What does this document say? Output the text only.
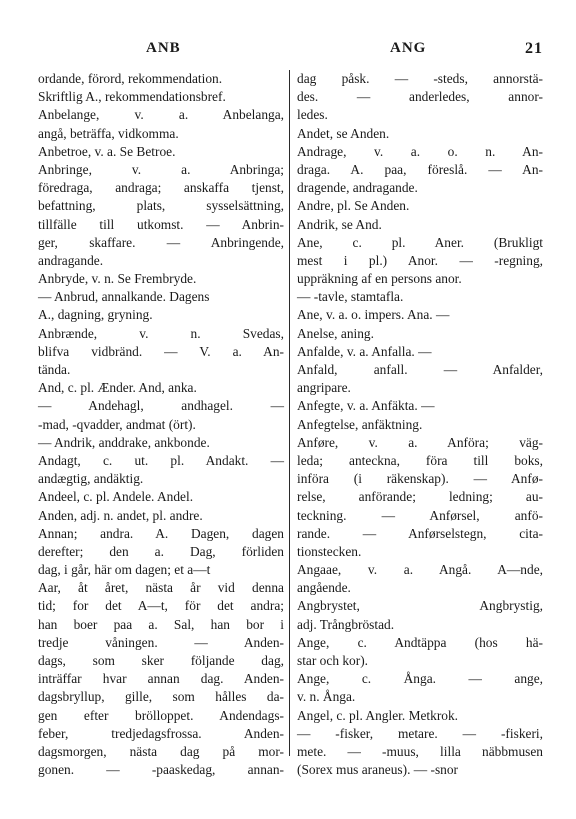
ANB	ANG	21
ordande, förord, rekommendation.
Skriftlig A., rekommendationsbref.
Anbelange, v. a. Anbelanga,
angå, beträffa, vidkomma.
Anbetroe, v. a. Se Betroe.
Anbringe, v. a. Anbringa;
föredraga, andraga; anskaffa tjenst,
befattning, plats, sysselsättning,
tillfälle till utkomst. — Anbrin-
ger, skaffare. — Anbringende,
andragande.
Anbryde, v. n. Se Frembryde.
— Anbrud, annalkande. Dagens
A., dagning, gryning.
Anbrænde, v. n. Svedas,
blifva vidbränd. — V. a. An-
tända.
And, c. pl. Ænder. And, anka.
— Andehagl, andhagel. —
-mad, -qvadder, andmat (ört).
— Andrik, anddrake, ankbonde.
Andagt, c. ut. pl. Andakt. —
andægtig, andäktig.
Andeel, c. pl. Andele. Andel.
Anden, adj. n. andet, pl. andre.
Annan; andra. A. Dagen, dagen
derefter; den a. Dag, förliden
dag, i går, här om dagen; et a—t
Aar, åt året, nästa år vid denna
tid; for det A—t, för det andra;
han boer paa a. Sal, han bor i
tredje våningen. — Anden-
dags, som sker följande dag,
inträffar hvar annan dag. Anden-
dagsbryllup, gille, som hålles da-
gen efter brölloppet. Andendags-
feber, tredjedagsfrossa. Anden-
dagsmorgen, nästa dag på mor-
gonen. — -paaskedag, annan-
dag påsk. — -steds, annorstä-
des. — anderledes, annor-
ledes.
Andet, se Anden.
Andrage, v. a. o. n. An-
draga. A. paa, föreslå. — An-
dragende, andragande.
Andre, pl. Se Anden.
Andrik, se And.
Ane, c. pl. Aner. (Brukligt
mest i pl.) Anor. — -regning,
uppräkning af en persons anor.
— -tavle, stamtafla.
Ane, v. a. o. impers. Ana. —
Anelse, aning.
Anfalde, v. a. Anfalla. —
Anfald, anfall. — Anfalder,
angripare.
Anfegte, v. a. Anfäkta. —
Anfegtelse, anfäktning.
Anføre, v. a. Anföra; väg-
leda; anteckna, föra till boks,
införa (i räkenskap). — Anfø-
relse, anförande; ledning; au-
teckning. — Anførsel, anfö-
rande. — Anførselstegn, cita-
tionstecken.
Angaae, v. a. Angå. A—nde,
angående.
Angbrystet, Angbrystig,
adj. Trångbröstad.
Ange, c. Andtäppa (hos hä-
star och kor).
Ange, c. Ånga. — ange,
v. n. Ånga.
Angel, c. pl. Angler. Metkrok.
— -fisker, metare. — -fiskeri,
mete. — -muus, lilla näbbmusen
(Sorex mus araneus). — -snor
